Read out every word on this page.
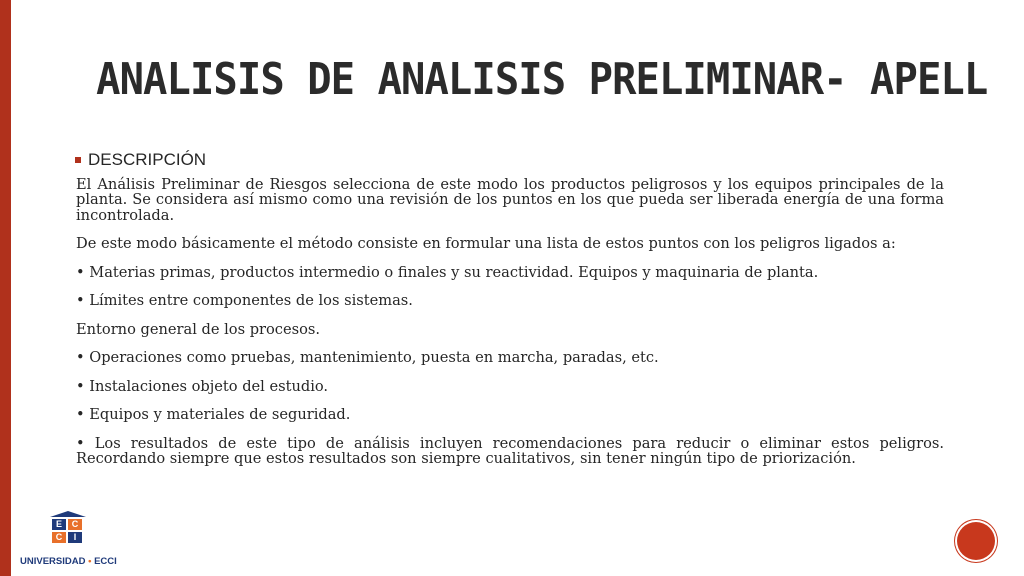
ANALISIS DE ANALISIS PRELIMINAR- APELL
DESCRIPCIÓN

El Análisis Preliminar de Riesgos selecciona de este modo los productos peligrosos y los equipos principales de la planta. Se considera así mismo como una revisión de los puntos en los que pueda ser liberada energía de una forma incontrolada.

De este modo básicamente el método consiste en formular una lista de estos puntos con los peligros ligados a:

• Materias primas, productos intermedio o finales y su reactividad. Equipos y maquinaria de planta.

• Límites entre componentes de los sistemas.

Entorno general de los procesos.

• Operaciones como pruebas, mantenimiento, puesta en marcha, paradas, etc.

• Instalaciones objeto del estudio.

• Equipos y materiales de seguridad.

• Los resultados de este tipo de análisis incluyen recomendaciones para reducir o eliminar estos peligros. Recordando siempre que estos resultados son siempre cualitativos, sin tener ningún tipo de priorización.

E	C
C	I
UNIVERSIDAD • ECCI
